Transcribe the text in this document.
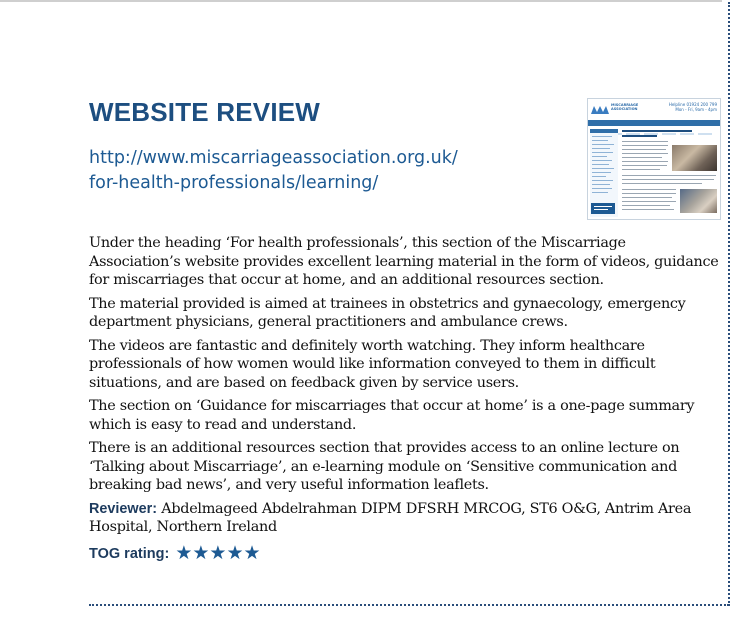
WEBSITE REVIEW
http://www.miscarriageassociation.org.uk/
for-health-professionals/learning/
MISCARRIAGE
ASSOCIATION
Helpline 01924 200 799
Mon - Fri, 9am - 4pm

Under the heading ‘For health professionals’, this section of the Miscarriage Association’s website provides excellent learning material in the form of videos, guidance for miscarriages that occur at home, and an additional resources section.

The material provided is aimed at trainees in obstetrics and gynaecology, emergency department physicians, general practitioners and ambulance crews.

The videos are fantastic and definitely worth watching. They inform healthcare professionals of how women would like information conveyed to them in difficult situations, and are based on feedback given by service users.

The section on ‘Guidance for miscarriages that occur at home’ is a one-page summary which is easy to read and understand.

There is an additional resources section that provides access to an online lecture on ‘Talking about Miscarriage’, an e-learning module on ‘Sensitive communication and breaking bad news’, and very useful information leaflets.

Reviewer: Abdelmageed Abdelrahman DIPM DFSRH MRCOG, ST6 O&G, Antrim Area Hospital, Northern Ireland

TOG rating: ★★★★★
